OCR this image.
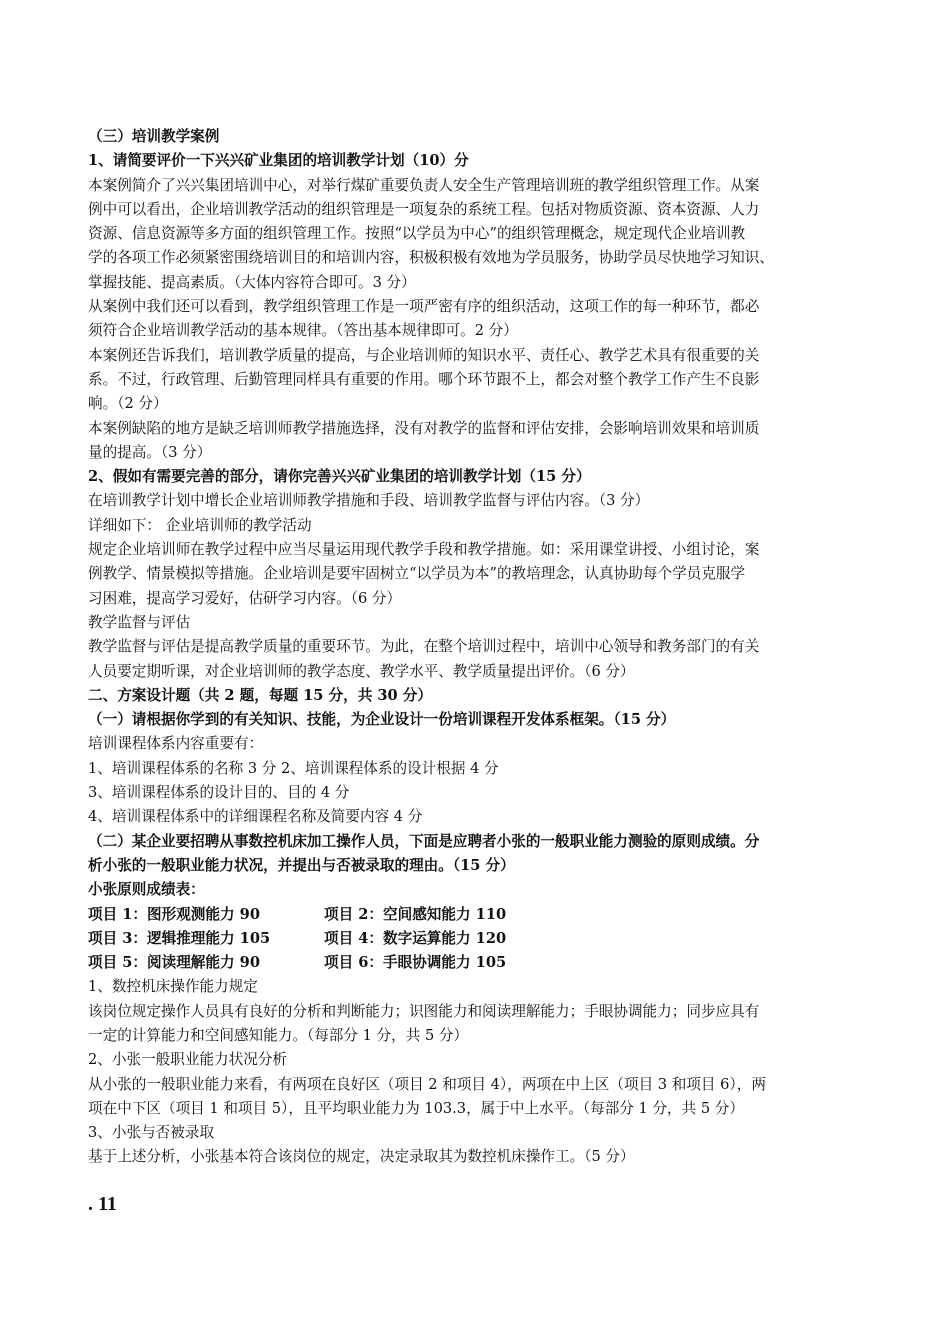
（三）培训教学案例
1、请简要评价一下兴兴矿业集团的培训教学计划（10）分
本案例简介了兴兴集团培训中心，对举行煤矿重要负责人安全生产管理培训班的教学组织管理工作。从案
例中可以看出，企业培训教学活动的组织管理是一项复杂的系统工程。包括对物质资源、资本资源、人力
资源、信息资源等多方面的组织管理工作。按照“以学员为中心”的组织管理概念，规定现代企业培训教
学的各项工作必须紧密围绕培训目的和培训内容，积极积极有效地为学员服务，协助学员尽快地学习知识、
掌握技能、提高素质。（大体内容符合即可。3 分）
从案例中我们还可以看到，教学组织管理工作是一项严密有序的组织活动，这项工作的每一种环节，都必
须符合企业培训教学活动的基本规律。（答出基本规律即可。2 分）
本案例还告诉我们，培训教学质量的提高，与企业培训师的知识水平、责任心、教学艺术具有很重要的关
系。不过，行政管理、后勤管理同样具有重要的作用。哪个环节跟不上，都会对整个教学工作产生不良影
响。（2 分）
本案例缺陷的地方是缺乏培训师教学措施选择，没有对教学的监督和评估安排，会影响培训效果和培训质
量的提高。（3 分）
2、假如有需要完善的部分，请你完善兴兴矿业集团的培训教学计划（15 分）
在培训教学计划中增长企业培训师教学措施和手段、培训教学监督与评估内容。（3 分）
详细如下： 企业培训师的教学活动
规定企业培训师在教学过程中应当尽量运用现代教学手段和教学措施。如：采用课堂讲授、小组讨论，案
例教学、情景模拟等措施。企业培训是要牢固树立“以学员为本”的教培理念，认真协助每个学员克服学
习困难，提高学习爱好，估研学习内容。（6 分）
教学监督与评估
教学监督与评估是提高教学质量的重要环节。为此，在整个培训过程中，培训中心领导和教务部门的有关
人员要定期听课，对企业培训师的教学态度、教学水平、教学质量提出评价。（6 分）
二、方案设计题（共 2 题，每题 15 分，共 30 分）
（一）请根据你学到的有关知识、技能，为企业设计一份培训课程开发体系框架。（15 分）
培训课程体系内容重要有：
1、培训课程体系的名称 3 分 2、培训课程体系的设计根据 4 分
3、培训课程体系的设计目的、目的 4 分
4、培训课程体系中的详细课程名称及简要内容 4 分
（二）某企业要招聘从事数控机床加工操作人员，下面是应聘者小张的一般职业能力测验的原则成绩。分
析小张的一般职业能力状况，并提出与否被录取的理由。（15 分）
小张原则成绩表：
项目 1：图形观测能力 90	项目 2：空间感知能力 110
项目 3：逻辑推理能力 105	项目 4：数字运算能力 120
项目 5：阅读理解能力 90	项目 6：手眼协调能力 105
1、数控机床操作能力规定
该岗位规定操作人员具有良好的分析和判断能力；识图能力和阅读理解能力；手眼协调能力；同步应具有
一定的计算能力和空间感知能力。（每部分 1 分，共 5 分）
2、小张一般职业能力状况分析
从小张的一般职业能力来看，有两项在良好区（项目 2 和项目 4），两项在中上区（项目 3 和项目 6），两
项在中下区（项目 1 和项目 5），且平均职业能力为 103.3，属于中上水平。（每部分 1 分，共 5 分）
3、小张与否被录取
基于上述分析，小张基本符合该岗位的规定，决定录取其为数控机床操作工。（5 分）
. 11
